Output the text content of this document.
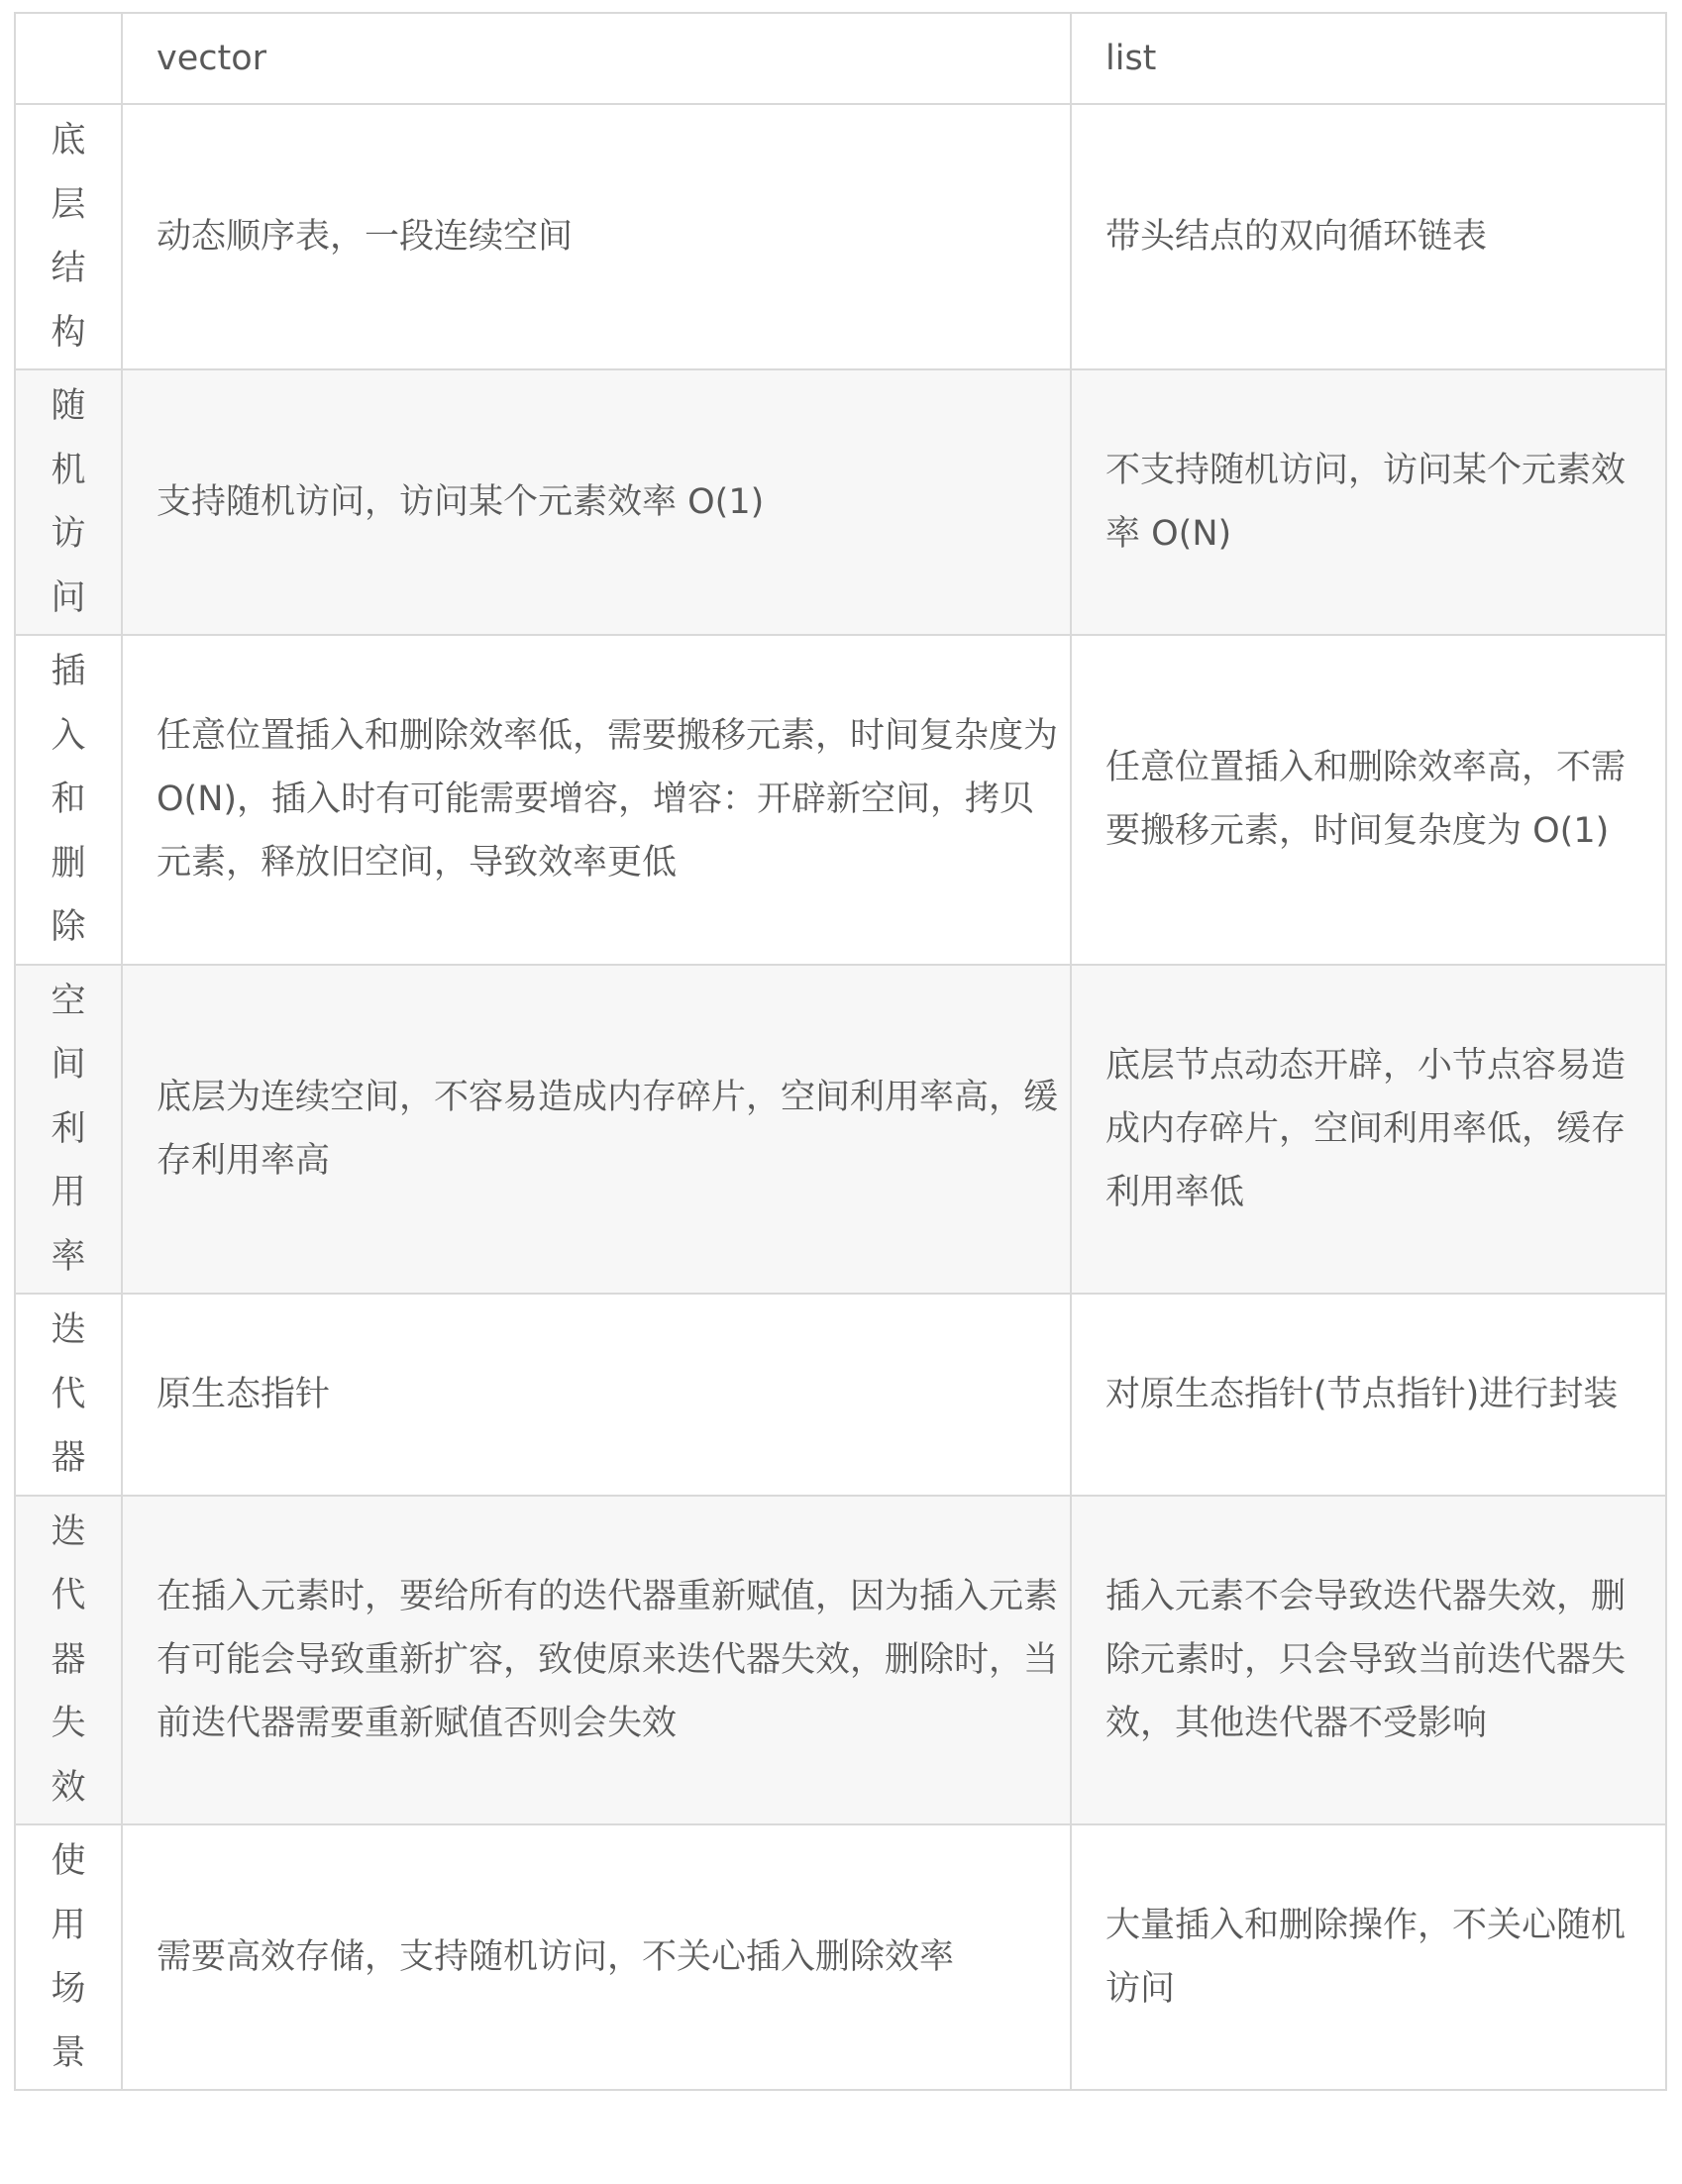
	vector	list

底
层
结
构	动态顺序表，一段连续空间	带头结点的双向循环链表

随
机
访
问	支持随机访问，访问某个元素效率 O(1)	不支持随机访问，访问某个元素效率 O(N)

插
入
和
删
除	任意位置插入和删除效率低，需要搬移元素，时间复杂度为 O(N)，插入时有可能需要增容，增容：开辟新空间，拷贝元素，释放旧空间，导致效率更低	任意位置插入和删除效率高，不需要搬移元素，时间复杂度为 O(1)

空
间
利
用
率	底层为连续空间，不容易造成内存碎片，空间利用率高，缓存利用率高	底层节点动态开辟，小节点容易造成内存碎片，空间利用率低，缓存利用率低

迭
代
器	原生态指针	对原生态指针(节点指针)进行封装

迭
代
器
失
效	在插入元素时，要给所有的迭代器重新赋值，因为插入元素有可能会导致重新扩容，致使原来迭代器失效，删除时，当前迭代器需要重新赋值否则会失效	插入元素不会导致迭代器失效，删除元素时，只会导致当前迭代器失效，其他迭代器不受影响

使
用
场
景	需要高效存储，支持随机访问，不关心插入删除效率	大量插入和删除操作，不关心随机访问
